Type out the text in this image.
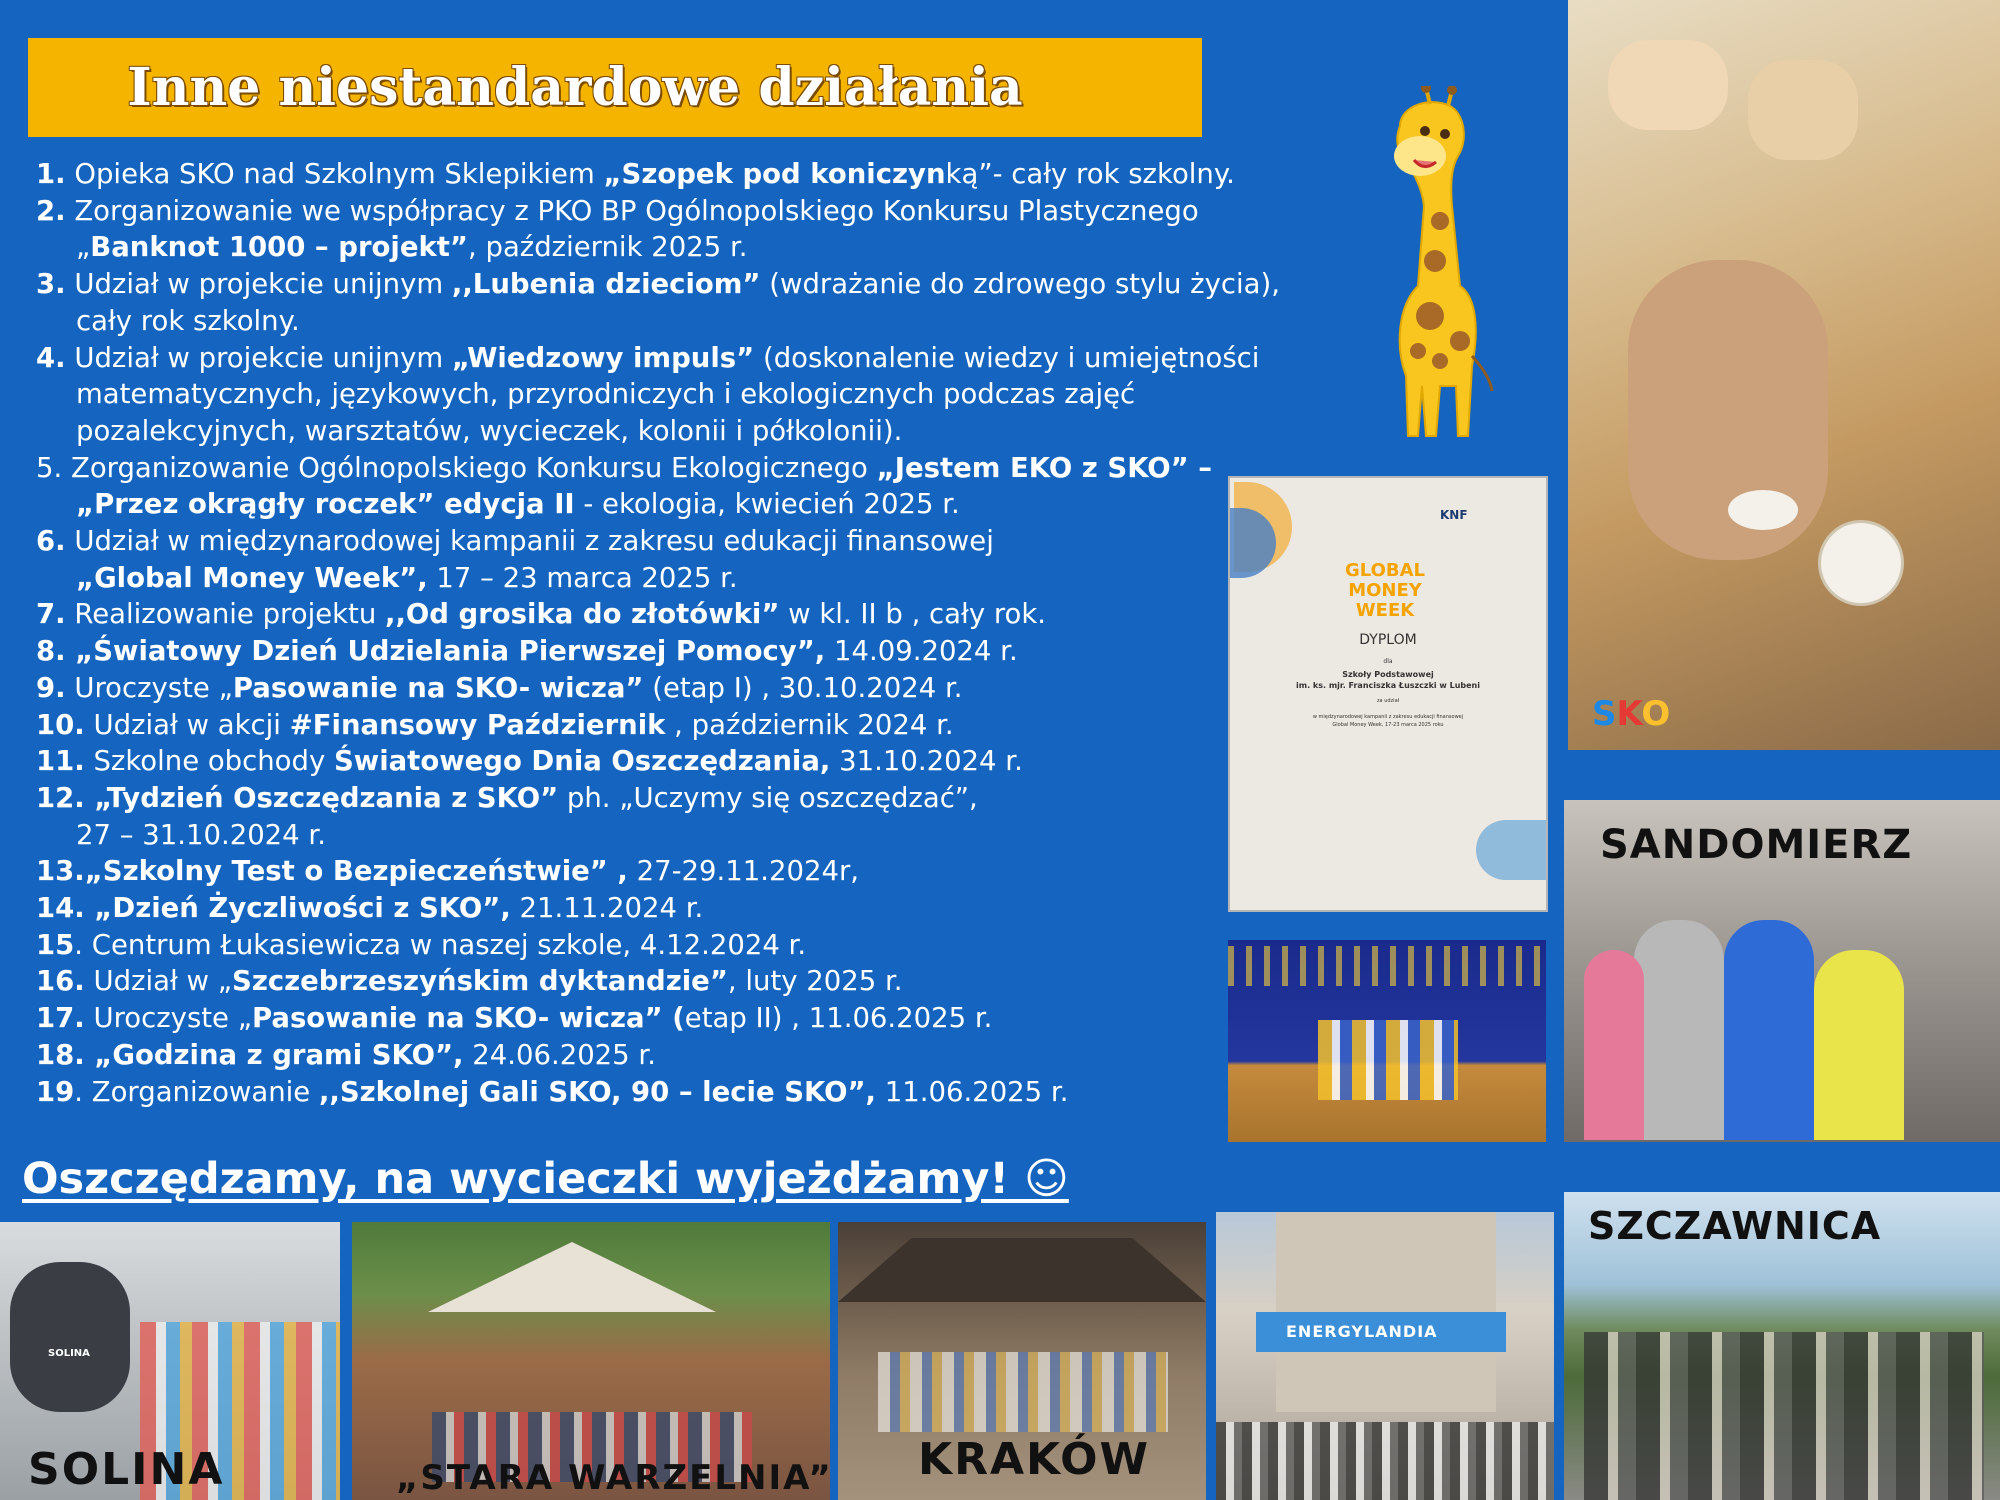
Inne niestandardowe działania
1. Opieka SKO nad Szkolnym Sklepikiem „Szopek pod koniczynką”- cały rok szkolny.
2. Zorganizowanie we współpracy z PKO BP Ogólnopolskiego Konkursu Plastycznego
„Banknot 1000 – projekt”, październik 2025 r.
3. Udział w projekcie unijnym ,,Lubenia dzieciom” (wdrażanie do zdrowego stylu życia),
cały rok szkolny.
4. Udział w projekcie unijnym „Wiedzowy impuls” (doskonalenie wiedzy i umiejętności
matematycznych, językowych, przyrodniczych i ekologicznych podczas zajęć
pozalekcyjnych, warsztatów, wycieczek, kolonii i półkolonii).
5. Zorganizowanie Ogólnopolskiego Konkursu Ekologicznego „Jestem EKO z SKO” –
„Przez okrągły roczek” edycja II - ekologia, kwiecień 2025 r.
6. Udział w międzynarodowej kampanii z zakresu edukacji finansowej
„Global Money Week”, 17 – 23 marca 2025 r.
7. Realizowanie projektu ,,Od grosika do złotówki” w kl. II b , cały rok.
8. „Światowy Dzień Udzielania Pierwszej Pomocy”, 14.09.2024 r.
9. Uroczyste „Pasowanie na SKO- wicza” (etap I) , 30.10.2024 r.
10. Udział w akcji #Finansowy Październik , październik 2024 r.
11. Szkolne obchody Światowego Dnia Oszczędzania, 31.10.2024 r.
12. „Tydzień Oszczędzania z SKO” ph. „Uczymy się oszczędzać”,
27 – 31.10.2024 r.
13.„Szkolny Test o Bezpieczeństwie” , 27-29.11.2024r,
14. „Dzień Życzliwości z SKO”, 21.11.2024 r.
15. Centrum Łukasiewicza w naszej szkole, 4.12.2024 r.
16. Udział w „Szczebrzeszyńskim dyktandzie”, luty 2025 r.
17. Uroczyste „Pasowanie na SKO- wicza” (etap II) , 11.06.2025 r.
18. „Godzina z grami SKO”, 24.06.2025 r.
19. Zorganizowanie ,,Szkolnej Gali SKO, 90 – lecie SKO”, 11.06.2025 r.
SKO
KNF
GLOBAL
MONEY
WEEK
DYPLOM
dla
Szkoły Podstawowej
im. ks. mjr. Franciszka Łuszczki w Lubeni
za udział
w międzynarodowej kampanii z zakresu edukacji finansowej
Global Money Week, 17-23 marca 2025 roku
SANDOMIERZ
SZCZAWNICA
Oszczędzamy, na wycieczki wyjeżdżamy! ☺
SOLINA
SOLINA	„STARA WARZELNIA” KRAKÓW
ENERGYLANDIA
